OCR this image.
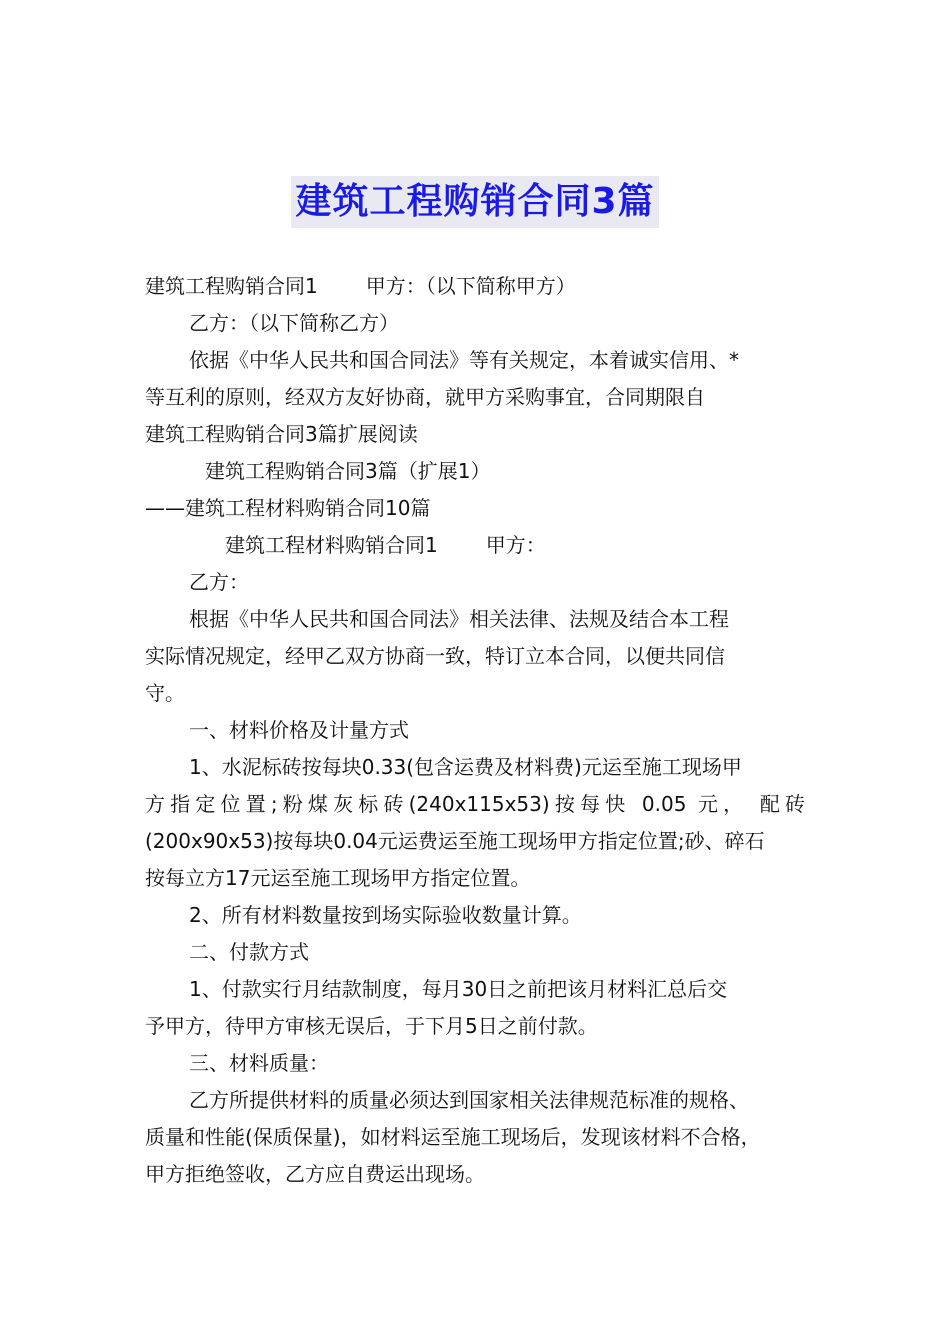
建筑工程购销合同3篇
建筑工程购销合同1 甲方：（以下简称甲方）
乙方：（以下简称乙方）
依据《中华人民共和国合同法》等有关规定，本着诚实信用、*
等互利的原则，经双方友好协商，就甲方采购事宜，合同期限自
建筑工程购销合同3篇扩展阅读
建筑工程购销合同3篇（扩展1）
——建筑工程材料购销合同10篇
建筑工程材料购销合同1 甲方：
乙方：
根据《中华人民共和国合同法》相关法律、法规及结合本工程
实际情况规定，经甲乙双方协商一致，特订立本合同，以便共同信
守。
一、材料价格及计量方式
1、水泥标砖按每块0.33(包含运费及材料费)元运至施工现场甲
方指定位置;粉煤灰标砖(240x115x53)按每快 0.05 元， 配砖
(200x90x53)按每块0.04元运费运至施工现场甲方指定位置;砂、碎石
按每立方17元运至施工现场甲方指定位置。
2、所有材料数量按到场实际验收数量计算。
二、付款方式
1、付款实行月结款制度，每月30日之前把该月材料汇总后交
予甲方，待甲方审核无误后，于下月5日之前付款。
三、材料质量：
乙方所提供材料的质量必须达到国家相关法律规范标准的规格、
质量和性能(保质保量)，如材料运至施工现场后，发现该材料不合格，
甲方拒绝签收，乙方应自费运出现场。
